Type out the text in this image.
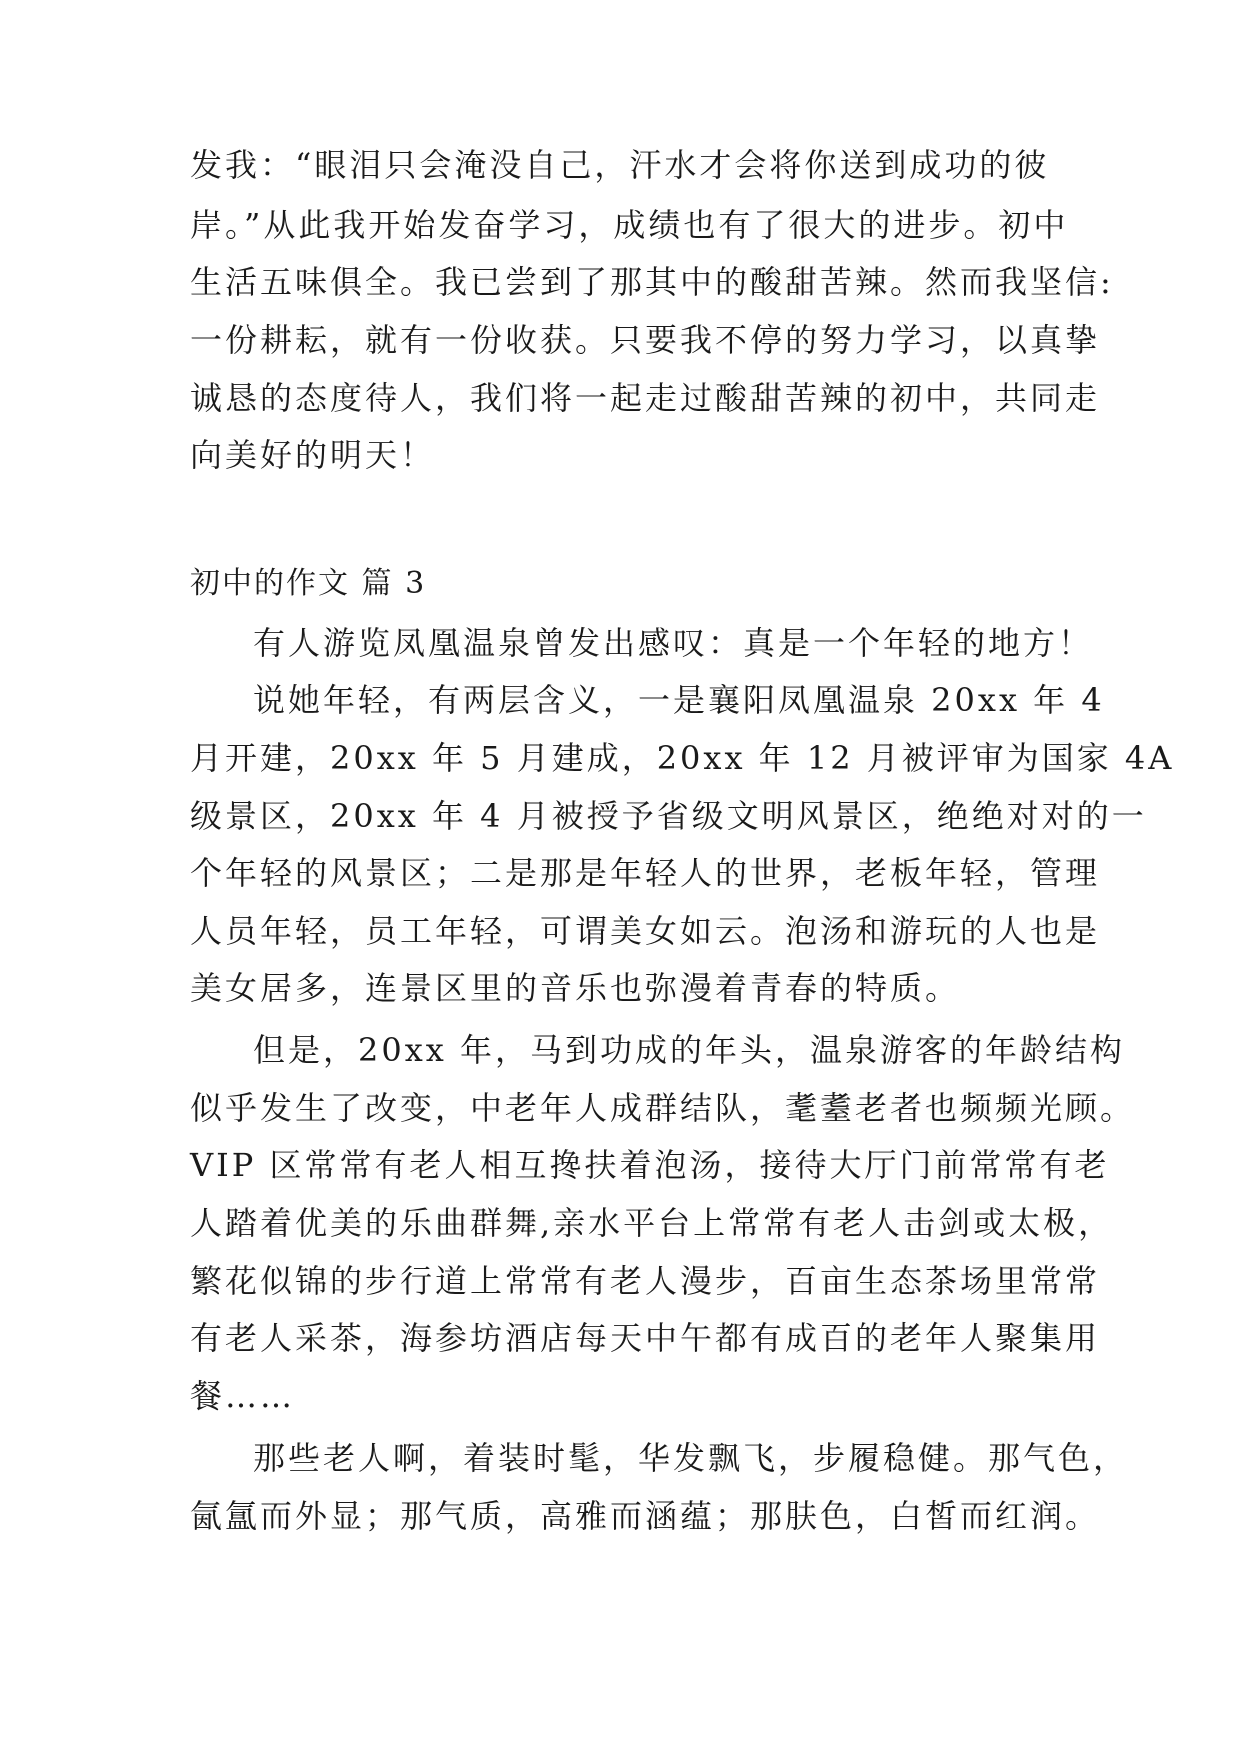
发我：“眼泪只会淹没自己，汗水才会将你送到成功的彼
岸。”从此我开始发奋学习，成绩也有了很大的进步。初中
生活五味俱全。我已尝到了那其中的酸甜苦辣。然而我坚信:
一份耕耘，就有一份收获。只要我不停的努力学习，以真挚
诚恳的态度待人，我们将一起走过酸甜苦辣的初中，共同走
向美好的明天！
初中的作文 篇 3
有人游览凤凰温泉曾发出感叹：真是一个年轻的地方！
说她年轻，有两层含义，一是襄阳凤凰温泉 20xx 年 4
月开建，20xx 年 5 月建成，20xx 年 12 月被评审为国家 4A
级景区，20xx 年 4 月被授予省级文明风景区，绝绝对对的一
个年轻的风景区；二是那是年轻人的世界，老板年轻，管理
人员年轻，员工年轻，可谓美女如云。泡汤和游玩的人也是
美女居多，连景区里的音乐也弥漫着青春的特质。
但是，20xx 年，马到功成的年头，温泉游客的年龄结构
似乎发生了改变，中老年人成群结队，耄耋老者也频频光顾。
VIP 区常常有老人相互搀扶着泡汤，接待大厅门前常常有老
人踏着优美的乐曲群舞,亲水平台上常常有老人击剑或太极，
繁花似锦的步行道上常常有老人漫步，百亩生态茶场里常常
有老人采茶，海参坊酒店每天中午都有成百的老年人聚集用
餐……
那些老人啊，着装时髦，华发飘飞，步履稳健。那气色，
氤氲而外显；那气质，高雅而涵蕴；那肤色，白皙而红润。
